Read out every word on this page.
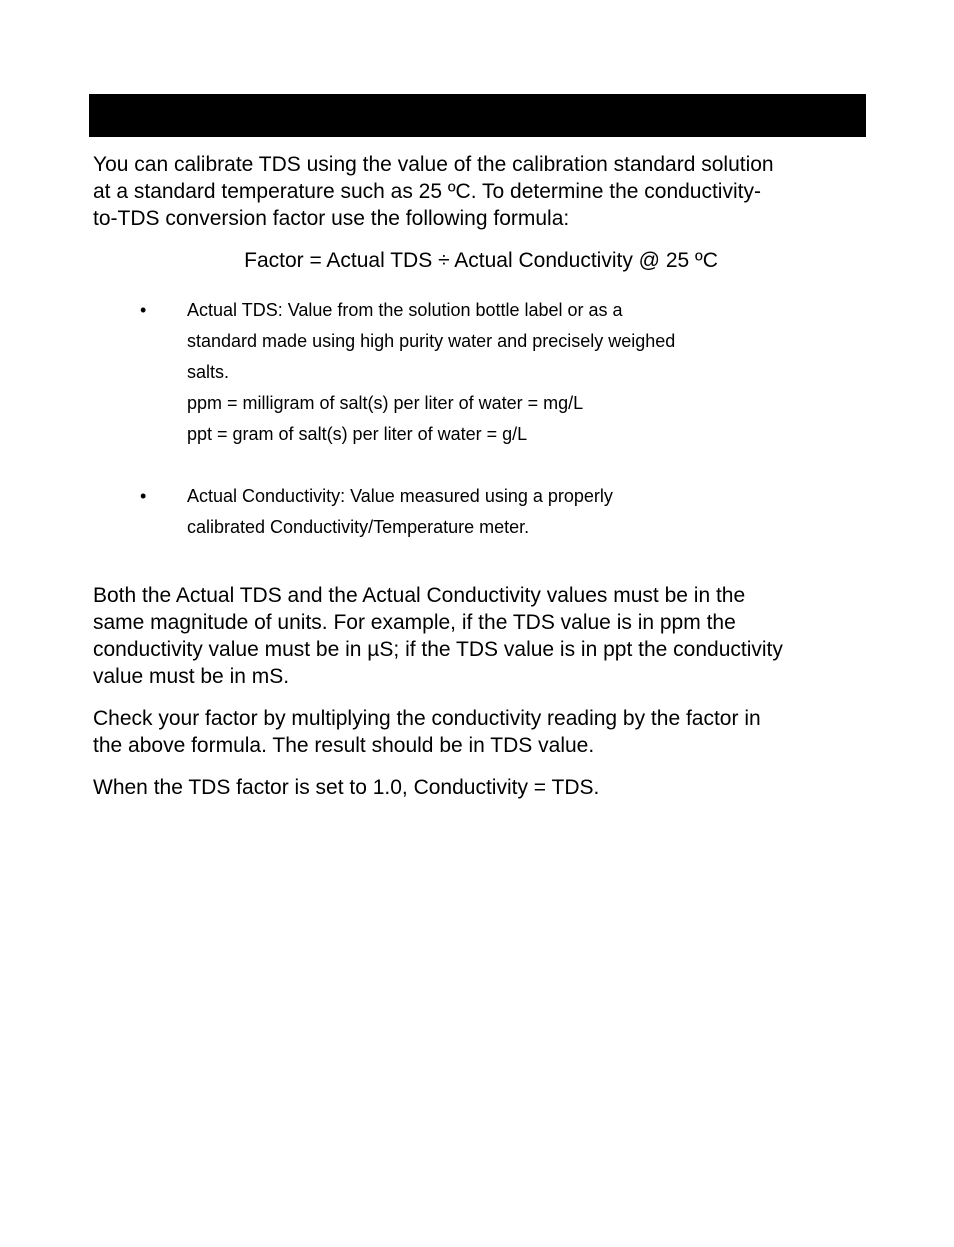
You can calibrate TDS using the value of the calibration standard solution
at a standard temperature such as 25 ºC. To determine the conductivity-
to-TDS conversion factor use the following formula:
Factor = Actual TDS ÷ Actual Conductivity @ 25 ºC
• Actual TDS: Value from the solution bottle label or as a
standard made using high purity water and precisely weighed
salts.
ppm = milligram of salt(s) per liter of water = mg/L
ppt = gram of salt(s) per liter of water = g/L
• Actual Conductivity: Value measured using a properly
calibrated Conductivity/Temperature meter.
Both the Actual TDS and the Actual Conductivity values must be in the
same magnitude of units. For example, if the TDS value is in ppm the
conductivity value must be in µS; if the TDS value is in ppt the conductivity
value must be in mS.
Check your factor by multiplying the conductivity reading by the factor in
the above formula. The result should be in TDS value.
When the TDS factor is set to 1.0, Conductivity = TDS.
